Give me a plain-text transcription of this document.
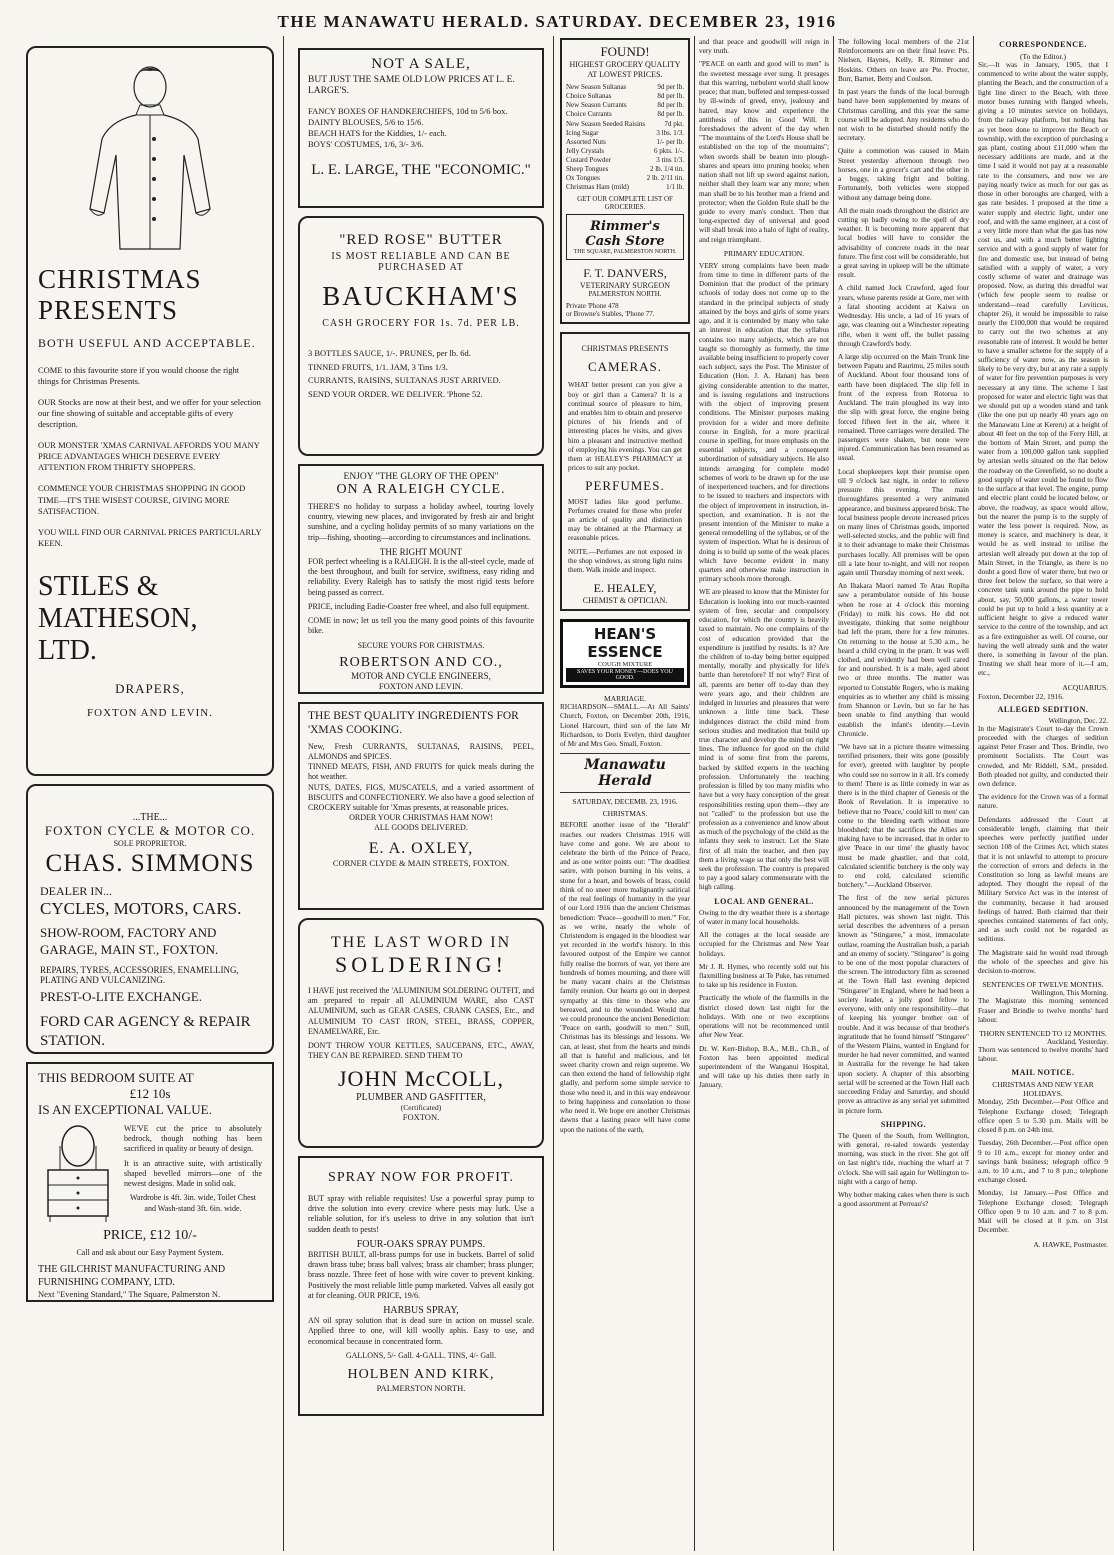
THE MANAWATU HERALD. SATURDAY. DECEMBER 23, 1916
CHRISTMAS
PRESENTS
BOTH USEFUL AND ACCEPTABLE.
COME to this favourite store if you would choose the right things for Christmas Presents.
OUR Stocks are now at their best, and we offer for your selection our fine showing of suitable and acceptable gifts of every description.
OUR MONSTER 'XMAS CARNIVAL AFFORDS YOU MANY PRICE ADVANTAGES WHICH DESERVE EVERY ATTENTION FROM THRIFTY SHOPPERS.
COMMENCE YOUR CHRISTMAS SHOPPING IN GOOD TIME—IT'S THE WISEST COURSE, GIVING MORE SATISFACTION.
YOU WILL FIND OUR CARNIVAL PRICES PARTICULARLY KEEN.
STILES &
MATHESON, LTD.
DRAPERS,
FOXTON AND LEVIN.
...THE...
FOXTON CYCLE & MOTOR CO.
SOLE PROPRIETOR.
CHAS. SIMMONS
DEALER IN...
CYCLES, MOTORS, CARS.
SHOW-ROOM, FACTORY AND GARAGE, MAIN ST., FOXTON.
REPAIRS, TYRES, ACCESSORIES, ENAMELLING, PLATING AND VULCANIZING.
PREST-O-LITE EXCHANGE.
FORD CAR AGENCY & REPAIR STATION.
THIS BEDROOM SUITE AT
£12 10s
IS AN EXCEPTIONAL VALUE.
WE'VE cut the price to absolutely bedrock, though nothing has been sacrificed in quality or beauty of design.
It is an attractive suite, with artistically shaped bevelled mirrors—one of the newest designs. Made in solid oak.
Wardrobe is 4ft. 3in. wide, Toilet Chest and Wash-stand 3ft. 6in. wide.
PRICE, £12 10/-
Call and ask about our Easy Payment System.
THE GILCHRIST MANUFACTURING AND FURNISHING COMPANY, LTD.
Next "Evening Standard," The Square, Palmerston N.
NOT A SALE,
BUT JUST THE SAME OLD LOW PRICES AT L. E. LARGE'S.
FANCY BOXES OF HANDKERCHIEFS, 10d to 5/6 box.
DAINTY BLOUSES, 5/6 to 15/6.
BEACH HATS for the Kiddies, 1/- each.
BOYS' COSTUMES, 1/6, 3/- 3/6.
L. E. LARGE, THE "ECONOMIC."
"RED ROSE" BUTTER
IS MOST RELIABLE AND CAN BE PURCHASED AT
BAUCKHAM'S
CASH GROCERY FOR 1s. 7d. PER LB.
3 BOTTLES SAUCE, 1/-. PRUNES, per lb. 6d.
TINNED FRUITS, 1/1. JAM, 3 Tins 1/3.
CURRANTS, RAISINS, SULTANAS JUST ARRIVED.
SEND YOUR ORDER. WE DELIVER. 'Phone 52.
ENJOY "THE GLORY OF THE OPEN"
ON A RALEIGH CYCLE.
THERE'S no holiday to surpass a holiday awheel, touring lovely country, viewing new places, and invigorated by fresh air and bright sunshine, and a cycling holiday permits of so many variations on the trip—fishing, shooting—according to circumstances and inclinations.
THE RIGHT MOUNT
FOR perfect wheeling is a RALEIGH. It is the all-steel cycle, made of the best throughout, and built for service, swiftness, easy riding and reliability. Every Raleigh has to satisfy the most rigid tests before being passed as correct.
PRICE, including Eadie-Coaster free wheel, and also full equipment.
COME in now; let us tell you the many good points of this favourite bike.
SECURE YOURS FOR CHRISTMAS.
ROBERTSON AND CO.,
MOTOR AND CYCLE ENGINEERS,
FOXTON AND LEVIN.
THE BEST QUALITY INGREDIENTS FOR 'XMAS COOKING.
New, Fresh CURRANTS, SULTANAS, RAISINS, PEEL, ALMONDS and SPICES.
TINNED MEATS, FISH, AND FRUITS for quick meals during the hot weather.
NUTS, DATES, FIGS, MUSCATELS, and a varied assortment of BISCUITS and CONFECTIONERY. We also have a good selection of CROCKERY suitable for 'Xmas presents, at reasonable prices.
ORDER YOUR CHRISTMAS HAM NOW!
ALL GOODS DELIVERED.
E. A. OXLEY,
CORNER CLYDE & MAIN STREETS, FOXTON.
THE LAST WORD IN
SOLDERING!
I HAVE just received the 'ALUMINIUM SOLDERING OUTFIT, and am prepared to repair all ALUMINIUM WARE, also CAST ALUMINIUM, such as GEAR CASES, CRANK CASES, Etc., and ALUMINIUM TO CAST IRON, STEEL, BRASS, COPPER, ENAMELWARE, Etc.
DON'T THROW YOUR KETTLES, SAUCEPANS, ETC., AWAY, THEY CAN BE REPAIRED. SEND THEM TO
JOHN McCOLL,
PLUMBER AND GASFITTER,
(Certificated)
FOXTON.
SPRAY NOW FOR PROFIT.
BUT spray with reliable requisites! Use a powerful spray pump to drive the solution into every crevice where pests may lurk. Use a reliable solution, for it's useless to drive in any solution that isn't sudden death to pests!
FOUR-OAKS SPRAY PUMPS.
BRITISH BUILT, all-brass pumps for use in buckets. Barrel of solid drawn brass tube; brass ball valves; brass air chamber; brass plunger; brass nozzle. Three feet of hose with wire cover to prevent kinking. Positively the most reliable little pump marketed. Valves all easily got at for cleaning. OUR PRICE, 19/6.
HARBUS SPRAY,
AN oil spray solution that is dead sure in action on mussel scale. Applied three to one, will kill woolly aphis. Easy to use, and economical because in concentrated form.
GALLONS, 5/- Gall. 4-GALL. TINS, 4/- Gall.
HOLBEN AND KIRK,
PALMERSTON NORTH.
FOUND!
HIGHEST GROCERY QUALITY AT LOWEST PRICES.
New Season Sultanas	9d per lb.
Choice Sultanas	8d per lb.
New Season Currants	8d per lb.
Choice Currants	8d per lb.
New Season Seeded Raisins	7d pkt.
Icing Sugar	3 lbs. 1/3.
Assorted Nuts	1/- per lb.
Jelly Crystals	6 pkts. 1/-.
Custard Powder	3 tins 1/3.
Sheep Tongues	2 lb. 1/4 tin.
Ox Tongues	2 lb. 2/11 tin.
Christmas Ham (mild)	1/1 lb.
GET OUR COMPLETE LIST OF GROCERIES.
Rimmer's Cash Store
THE SQUARE, PALMERSTON NORTH.
F. T. DANVERS,
VETERINARY SURGEON
PALMERSTON NORTH.
Private 'Phone 478
or Browne's Stables, 'Phone 77.
CHRISTMAS PRESENTS
CAMERAS.
WHAT better present can you give a boy or girl than a Camera? It is a continual source of pleasure to him, and enables him to obtain and preserve pictures of his friends and of interesting places he visits, and gives him a pleasant and instructive method of employing his evenings. You can get them at HEALEY'S PHARMACY at prices to suit any pocket.
PERFUMES.
MOST ladies like good perfume. Perfumes created for those who prefer an article of quality and distinction may be obtained at the Pharmacy at reasonable prices.
NOTE.—Perfumes are not exposed in the shop windows, as strong light ruins them. Walk inside and inspect.
E. HEALEY,
CHEMIST & OPTICIAN.
HEAN'S ESSENCE
COUGH MIXTURE
SAVES YOUR MONEY—DOES YOU GOOD.
MARRIAGE.
RICHARDSON—SMALL.—At All Saints' Church, Foxton, on December 20th, 1916, Lionel Harcourt, third son of the late Mr Richardson, to Doris Evelyn, third daughter of Mr and Mrs Geo. Small, Foxton.
Manawatu Herald
SATURDAY, DECEMB. 23, 1916.
CHRISTMAS.
BEFORE another issue of the "Herald" reaches our readers Christmas 1916 will have come and gone. We are about to celebrate the birth of the Prince of Peace, and as one writer points out: "The deadliest satire, with poison burning in his veins, a stone for a heart, and bowels of brass, could think of no sneer more malignantly satirical of the real feelings of humanity in the year of our Lord 1916 than the ancient Christmas benediction: 'Peace—goodwill to men.'" For, as we write, nearly the whole of Christendom is engaged in the bloodiest war yet recorded in the world's history. In this favoured outpost of the Empire we cannot fully realise the horrors of war, yet there are hundreds of homes mourning, and there will be many vacant chairs at the Christmas family reunion. Our hearts go out in deepest sympathy at this time to those who are bereaved, and to the wounded. Would that we could pronounce the ancient Benediction: "Peace on earth, goodwill to men." Still, Christmas has its blessings and lessons. We can, at least, shut from the hearts and minds all that is hateful and malicious, and let sweet charity crown and reign supreme. We can then extend the hand of fellowship right gladly, and perform some simple service to those who need it, and in this way endeavour to bring happiness and consolation to those who need it. We hope ere another Christmas dawns that a lasting peace will have come upon the nations of the earth,
and that peace and goodwill will reign in very truth.
"PEACE on earth and good will to men" is the sweetest message ever sung. It presages that this warring, turbulent world shall know peace; that man, buffeted and tempest-tossed by ill-winds of greed, envy, jealousy and hatred, may know and experience the antithesis of this in Good Will. It foreshadows the advent of the day when "The mountains of the Lord's House shall be established on the top of the mountains"; when swords shall be beaten into plough-shares and spears into pruning hooks; when nation shall not lift up sword against nation, neither shall they learn war any more; when man shall be to his brother man a friend and protector; when the Golden Rule shall be the guide to every man's conduct. Then that long-expected day of universal and good will shall break into a halo of light of reality, and reign triumphant.
PRIMARY EDUCATION.
VERY strong complaints have been made from time to time in different parts of the Dominion that the product of the primary schools of today does not come up to the standard in the principal subjects of study attained by the boys and girls of some years ago, and it is contended by many who take an interest in education that the syllabus contains too many subjects, which are not taught so thoroughly as formerly, the time available being insufficient to properly cover each subject, says the Post. The Minister of Education (Hon. J. A. Hanan) has been giving considerable attention to the matter, and is issuing regulations and instructions with the object of improving present conditions. The Minister purposes making provision for a wider and more definite course in English, for a more practical course in spelling, for more emphasis on the essential subjects, and a consequent subordination of subsidiary subjects. He also intends arranging for complete model schemes of work to be drawn up for the use of inexperienced teachers, and for directions to be issued to teachers and inspectors with the object of improvement in instruction, in-spection, and examination. It is not the present intention of the Minister to make a general remodelling of the syllabus, or of the system of inspection. What he is desirous of doing is to build up some of the weak places which have become evident in many quarters and otherwise make instruction in primary schools more thorough.
WE are pleased to know that the Minister for Education is looking into our much-vaunted system of free, secular and compulsory education, for which the country is heavily taxed to maintain. No one complains of the cost of education provided that the expenditure is justified by results. Is it? Are the children of to-day being better equipped mentally, morally and physically for life's battle than heretofore? If not why? First of all, parents are better off to-day than they were years ago, and their children are indulged in luxuries and pleasures that were unknown a little time back. These indulgences distract the child mind from serious studies and meditation that build up true character and develop the mind on right lines. The influence for good on the child mind is of some first from the parents, backed by skilled experts in the teaching profession. Unfortunately the teaching profession is filled by too many misfits who have but a very hazy conception of the great responsibilities resting upon them—they are not "called" to the profession but use the profession as a convenience and know about as much of the psychology of the child as the infants they seek to instruct. Let the State first of all train the teacher, and then pay them a living wage so that only the best will seek the profession. The country is prepared to pay a good salary commensurate with the high calling.
LOCAL AND GENERAL.
Owing to the dry weather there is a shortage of water in many local households.
All the cottages at the local seaside are occupied for the Christmas and New Year holidays.
Mr J. R. Hymes, who recently sold out his flaxmilling business at Te Puke, has returned to take up his residence in Foxton.
Practically the whole of the flaxmills in the district closed down last night for the holidays. With one or two exceptions operations will not be recommenced until after New Year.
Dr. W. Kerr-Bishop, B.A., M.B., Ch.B., of Foxton has been appointed medical superintendent of the Wanganui Hospital, and will take up his duties there early in January.
The following local members of the 21st Reinforcements are on their final leave: Pts. Nielsen, Haynes, Kelly, R. Rimmer and Hoskins. Others on leave are Pte. Procter, Burr, Barnet, Betty and Coulson.
In past years the funds of the local borough band have been supplemented by means of Christmas carolling, and this year the same course will be adopted. Any residents who do not wish to be disturbed should notify the secretary.
Quite a commotion was caused in Main Street yesterday afternoon through two horses, one in a grocer's cart and the other in a buggy, taking fright and bolting. Fortunately, both vehicles were stopped without any damage being done.
All the main roads throughout the district are cutting up badly owing to the spell of dry weather. It is becoming more apparent that local bodies will have to consider the advisability of concrete roads in the near future. The first cost will be considerable, but a great saving in upkeep will be the ultimate result.
A child named Jock Crawford, aged four years, whose parents reside at Gore, met with a fatal shooting accident at Kaiwa on Wednesday. His uncle, a lad of 16 years of age, was cleaning out a Winchester repeating rifle, when it went off, the bullet passing through Crawford's body.
A large slip occurred on the Main Trunk line between Papatu and Raurimu, 25 miles south of Auckland. About four thousand tons of earth have been displaced. The slip fell in front of the express from Rotorua to Auckland. The train ploughed its way into the slip with great force, the engine being forced fifteen feet in the air, where it remained. Three carriages were derailed. The passengers were shaken, but none were injured. Communication has been resumed as usual.
Local shopkeepers kept their promise open till 9 o'clock last night, in order to relieve pressure this evening. The main thoroughfares presented a very animated appearance, and business appeared brisk. The local business people devote increased prices on many lines of Christmas goods, imported well-selected stocks, and the public will find it to their advantage to make their Christmas purchases locally. All premises will be open till a late hour to-night, and will not reopen again until Thursday morning of next week.
An Ihakara Maori named Te Atau Ropiha saw a perambulator outside of his house when he rose at 4 o'clock this morning (Friday) to milk his cows. He did not investigate, thinking that some neighbour had left the pram, there for a few minutes. On returning to the house at 5.30 a.m., he heard a child crying in the pram. It was well clothed, and evidently had been well cared for and nourished. It is a male, aged about two or three months. The matter was reported to Constable Rogers, who is making enquiries as to whether any child is missing from Shannon or Levin, but so far he has been unable to find anything that would establish the infant's identity.—Levin Chronicle.
"We have sat in a picture theatre witnessing terrified prisoners, their wits gone (possibly for ever), greeted with laughter by people who could see no sorrow in it all. It's comedy to them! There is as little comedy in war as there is in the third chapter of Genesis or the Book of Revelation. It is imperative to believe that no 'Peace,' could kill to men' can come to the bleeding earth without more bloodshed; that the sacrifices the Allies are making have to be increased, that in order to give 'Peace in our time' the ghastly havoc must be made ghastlier, and that cold, calculated scientific butchery is the only way to end cold, calculated scientific butchery."—Auckland Observer.
The first of the new serial pictures announced by the management of the Town Hall pictures, was shown last night. This serial describes the adventures of a person known as "Stingaree," a most, immaculate outlaw, roaming the Australian bush, a pariah and an enemy of society. "Stingaree" is going to be one of the most popular characters of the screen. The introductory film as screened at the Town Hall last evening depicted "Stingaree" in England, where he had been a society leader, a jolly good fellow to everyone, with only one responsibility—that of keeping his younger brother out of trouble. And it was because of that brother's ingratitude that he found himself "Stingaree" of the Western Plains, wanted in England for murder he had never committed, and wanted in Australia for the revenge he had taken upon society. A chapter of this absorbing serial will be screened at the Town Hall each succeeding Friday and Saturday, and should prove as attractive as any serial yet submitted in picture form.
SHIPPING.
The Queen of the South, from Wellington, with general, re-saled towards yesterday morning, was stuck in the river. She got off on last night's tide, reaching the wharf at 7 o'clock. She will sail again for Wellington to-night with a cargo of hemp.
Why bother making cakes when there is such a good assortment at Perreau's?
CORRESPONDENCE.
(To the Editor.)
Sir,—It was in January, 1905, that I commenced to write about the water supply, planting the Beach, and the construction of a light line direct to the Beach, with three motor buses running with flanged wheels, giving a 10 minutes service on holidays, from the railway platform, but nothing has as yet been done to improve the Beach or township, with the exception of purchasing a gas plant, costing about £11,000 when the necessary additions are made, and at the time I said it would not pay at a reasonable rate to the consumers, and now we are paying nearly twice as much for our gas as those in other boroughs are charged, with a gas rate besides. I proposed at the time a water supply and electric light, under one roof, and with the same engineer, at a cost of a very little more than what the gas has now cost us, and with a much better lighting service and with a good supply of water for fire and domestic use, but instead of being satisfied with a supply of water, a very costly scheme of water and drainage was proposed. Now, as during this dreadful war (which few people seem to realise or understand—read carefully Leviticus, chapter 26), it would be impossible to raise nearly the £100,000 that would be required to carry out the two schemes at any reasonable rate of interest. It would be better to have a smaller scheme for the supply of a sufficiency of water now, as the season is likely to be very dry, but at any rate a supply of water for fire prevention purposes is very necessary at any time. The scheme I last proposed for water and electric light was that we should put up a wooden stand and tank (like the one put up nearly 40 years ago on the Manawatu Line at Kereru) at a height of about 40 feet on the top of the Ferry Hill, at the bottom of Main Street, and pump the water from a 100,000 gallon tank supplied by artesian wells situated on the flat below the roadway on the Greenfield, so no doubt a good supply of water could be found to flow to the surface at that level. The engine, pump and electric plant could be located below, or above, the roadway, as space would allow, but the nearer the pump is to the supply of water the less power is required. Now, as money is scarce, and machinery is dear, it would be as well instead to utilise the artesian well already put down at the top of Main Street, in the Triangle, as there is no doubt a good flow of water there, but two or three feet below the surface, so that were a concrete tank sunk around the pipe to hold about, say, 50,000 gallons, a water tower could be put up to hold a less quantity at a sufficient height to give a reduced water service to the centre of the township, and act as a fire extinguisher as well. Of course, our having the well already sunk and the water there, is something in favour of the plan. Trusting we shall hear more of it.—I am, etc.,
ACQUARIUS.
Foxton, December 22, 1916.
ALLEGED SEDITION.
Wellington, Dec. 22.
In the Magistrate's Court to-day the Crown proceeded with the charges of sedition against Peter Fraser and Thos. Brindle, two prominent Socialists. The Court was crowded, and Mr Riddell, S.M., presided. Both pleaded not guilty, and conducted their own defence.
The evidence for the Crown was of a formal nature.
Defendants addressed the Court at considerable length, claiming that their speeches were perfectly justified under section 108 of the Crimes Act, which states that it is not unlawful to attempt to procure the correction of errors and defects in the Constitution so long as lawful means are adopted. They thought the repeal of the Military Service Act was in the interest of the community, because it had aroused feelings of hatred. Both claimed that their speeches contained statements of fact only, and as such could not be regarded as seditious.
The Magistrate said he would read through the whole of the speeches and give his decision to-morrow.
SENTENCES OF TWELVE MONTHS.
Wellington, This Morning.
The Magistrate this morning sentenced Fraser and Brindle to twelve months' hard labour.
THORN SENTENCED TO 12 MONTHS.
Auckland, Yesterday.
Thorn was sentenced to twelve months' hard labour.
MAIL NOTICE.
CHRISTMAS AND NEW YEAR HOLIDAYS.
Monday, 25th December.—Post Office and Telephone Exchange closed; Telegraph office open 5 to 5.30 p.m. Mails will be closed 8 p.m. on 24th inst.
Tuesday, 26th December.—Post office open 9 to 10 a.m., except for money order and savings bank business; telegraph office 9 a.m. to 10 a.m., and 7 to 8 p.m.; telephone exchange closed.
Monday, 1st January.—Post Office and Telephone Exchange closed; Telegraph Office open 9 to 10 a.m. and 7 to 8 p.m. Mail will be closed at 8 p.m. on 31st December.
A. HAWKE, Postmaster.
